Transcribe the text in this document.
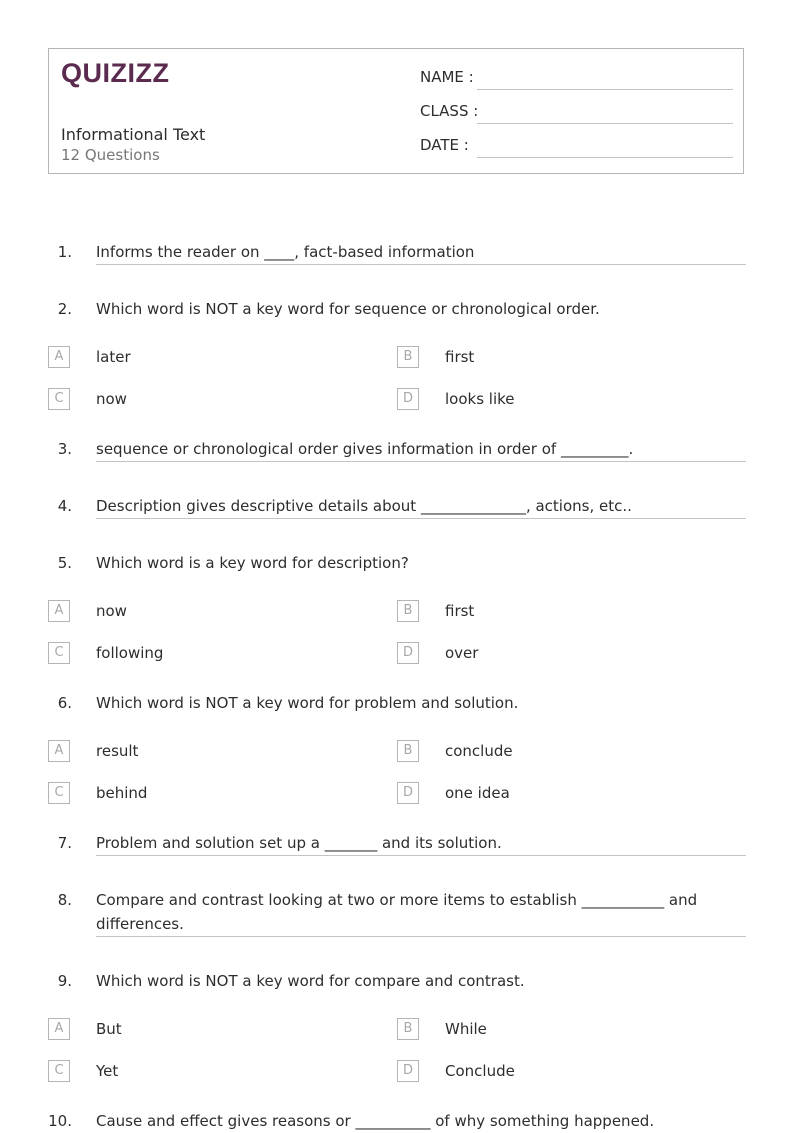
QUIZIZZ
Informational Text
12 Questions
NAME :
CLASS :
DATE :
1. Informs the reader on ____, fact-based information
2. Which word is NOT a key word for sequence or chronological order.
A	later	B	first
C	now	D	looks like
3. sequence or chronological order gives information in order of _________.
4. Description gives descriptive details about ______________, actions, etc..
5. Which word is a key word for description?
A	now	B	first
C	following	D	over
6. Which word is NOT a key word for problem and solution.
A	result	B	conclude
C	behind	D	one idea
7. Problem and solution set up a _______ and its solution.
8. Compare and contrast looking at two or more items to establish ___________ and differences.
9. Which word is NOT a key word for compare and contrast.
A	But	B	While
C	Yet	D	Conclude
10. Cause and effect gives reasons or __________ of why something happened.
